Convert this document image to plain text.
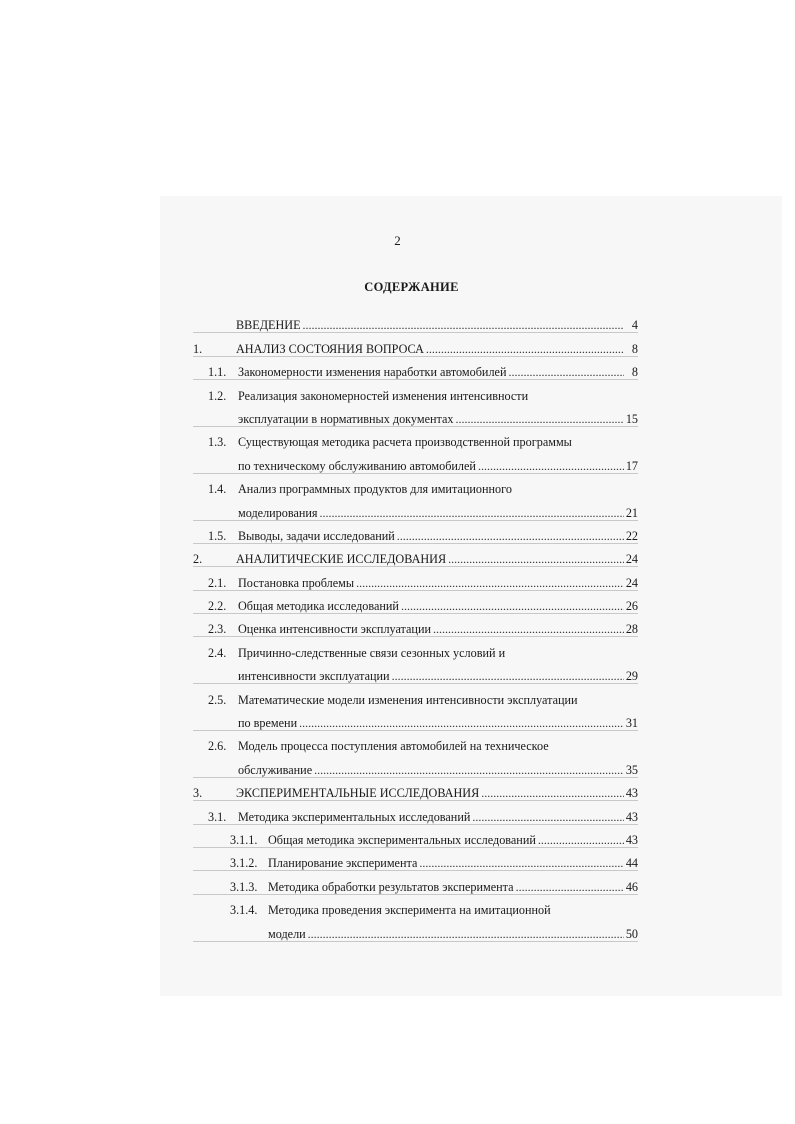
2
СОДЕРЖАНИЕ
ВВЕДЕНИЕ .....	4
1.	АНАЛИЗ СОСТОЯНИЯ ВОПРОСА .....	8
1.1. Закономерности изменения наработки автомобилей .....	8
1.2. Реализация закономерностей изменения интенсивности
эксплуатации в нормативных документах .....	15
1.3. Существующая методика расчета производственной программы
по техническому обслуживанию автомобилей .....	17
1.4. Анализ программных продуктов для имитационного
моделирования .....	21
1.5. Выводы, задачи исследований .....	22
2.	АНАЛИТИЧЕСКИЕ ИССЛЕДОВАНИЯ .....	24
2.1. Постановка проблемы .....	24
2.2. Общая методика исследований .....	26
2.3. Оценка интенсивности эксплуатации .....	28
2.4. Причинно-следственные связи сезонных условий и
интенсивности эксплуатации .....	29
2.5. Математические модели изменения интенсивности эксплуатации
по времени .....	31
2.6. Модель процесса поступления автомобилей на техническое
обслуживание .....	35
3.	ЭКСПЕРИМЕНТАЛЬНЫЕ ИССЛЕДОВАНИЯ .....	43
3.1. Методика экспериментальных исследований .....	43
3.1.1. Общая методика экспериментальных исследований .....	43
3.1.2. Планирование эксперимента .....	44
3.1.3. Методика обработки результатов эксперимента .....	46
3.1.4. Методика проведения эксперимента на имитационной
модели .....	50
